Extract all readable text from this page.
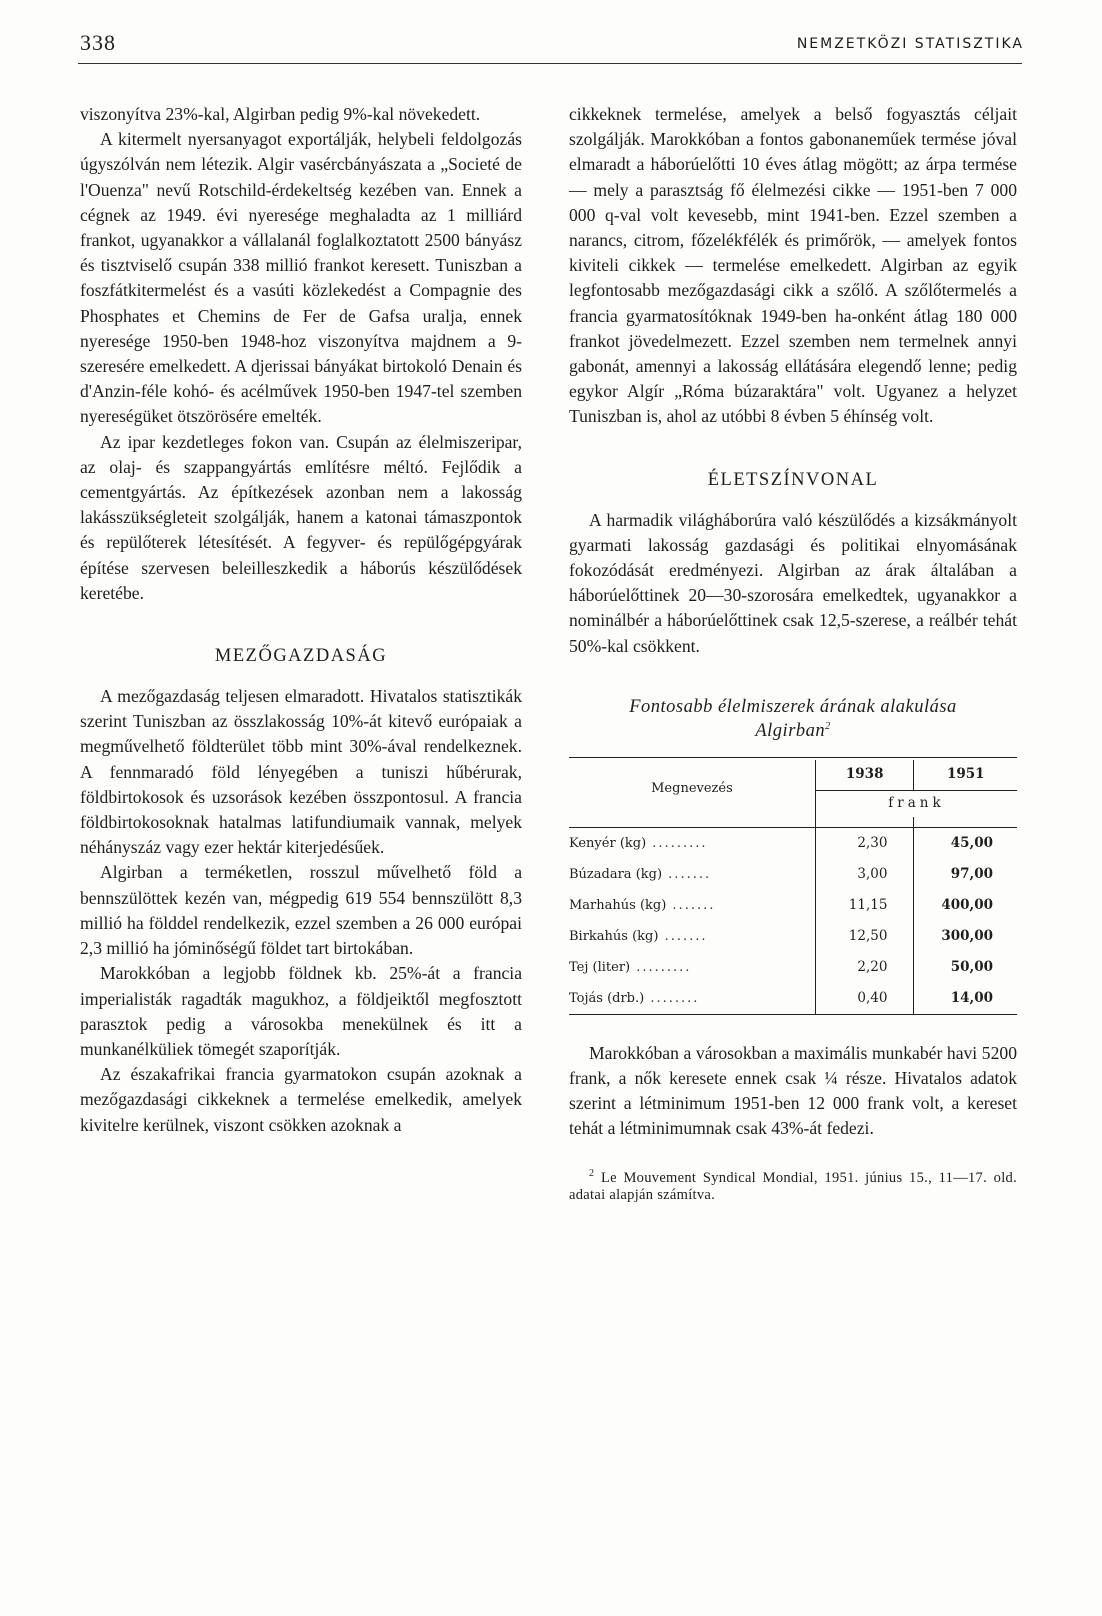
338	NEMZETKÖZI STATISZTIKA

viszonyítva 23%-kal, Algirban pedig 9%-kal növekedett.

A kitermelt nyersanyagot exportálják, helybeli feldolgozás úgyszólván nem létezik. Algir vasércbányászata a „Societé de l'Ouenza" nevű Rotschild-érdekeltség kezében van. Ennek a cégnek az 1949. évi nyeresége meghaladta az 1 milliárd frankot, ugyanakkor a vállalanál foglalkoztatott 2500 bányász és tisztviselő csupán 338 millió frankot keresett. Tuniszban a foszfátkitermelést és a vasúti közlekedést a Compagnie des Phosphates et Chemins de Fer de Gafsa uralja, ennek nyeresége 1950-ben 1948-hoz viszonyítva majdnem a 9-szeresére emelkedett. A djerissai bányákat birtokoló Denain és d'Anzin-féle kohó- és acélművek 1950-ben 1947-tel szemben nyereségüket ötszörösére emelték.

Az ipar kezdetleges fokon van. Csupán az élelmiszeripar, az olaj- és szappangyártás említésre méltó. Fejlődik a cementgyártás. Az építkezések azonban nem a lakosság lakásszükségleteit szolgálják, hanem a katonai támaszpontok és repülőterek létesítését. A fegyver- és repülőgépgyárak építése szervesen beleilleszkedik a háborús készülődések keretébe.

MEZŐGAZDASÁG

A mezőgazdaság teljesen elmaradott. Hivatalos statisztikák szerint Tuniszban az összlakosság 10%-át kitevő európaiak a megművelhető földterület több mint 30%-ával rendelkeznek. A fennmaradó föld lényegében a tuniszi hűbérurak, földbirtokosok és uzsorások kezében összpontosul. A francia földbirtokosoknak hatalmas latifundiumaik vannak, melyek néhányszáz vagy ezer hektár kiterjedésűek.

Algirban a terméketlen, rosszul művelhető föld a bennszülöttek kezén van, mégpedig 619 554 bennszülött 8,3 millió ha földdel rendelkezik, ezzel szemben a 26 000 európai 2,3 millió ha jóminőségű földet tart birtokában.

Marokkóban a legjobb földnek kb. 25%-át a francia imperialisták ragadták magukhoz, a földjeiktől megfosztott parasztok pedig a városokba menekülnek és itt a munkanélküliek tömegét szaporítják.

Az északafrikai francia gyarmatokon csupán azoknak a mezőgazdasági cikkeknek a termelése emelkedik, amelyek kivitelre kerülnek, viszont csökken azoknak a

cikkeknek termelése, amelyek a belső fogyasztás céljait szolgálják. Marokkóban a fontos gabonaneműek termése jóval elmaradt a háborúelőtti 10 éves átlag mögött; az árpa termése — mely a parasztság fő élelmezési cikke — 1951-ben 7 000 000 q-val volt kevesebb, mint 1941-ben. Ezzel szemben a narancs, citrom, főzelékfélék és primőrök, — amelyek fontos kiviteli cikkek — termelése emelkedett. Algirban az egyik legfontosabb mezőgazdasági cikk a szőlő. A szőlőtermelés a francia gyarmatosítóknak 1949-ben ha-onként átlag 180 000 frankot jövedelmezett. Ezzel szemben nem termelnek annyi gabonát, amennyi a lakosság ellátására elegendő lenne; pedig egykor Algír „Róma búzaraktára" volt. Ugyanez a helyzet Tuniszban is, ahol az utóbbi 8 évben 5 éhínség volt.

ÉLETSZÍNVONAL

A harmadik világháborúra való készülődés a kizsákmányolt gyarmati lakosság gazdasági és politikai elnyomásának fokozódását eredményezi. Algirban az árak általában a háborúelőttinek 20—30-szorosára emelkedtek, ugyanakkor a nominálbér a háborúelőttinek csak 12,5-szerese, a reálbér tehát 50%-kal csökkent.

Fontosabb élelmiszerek árának alakulása
Algirban$^2$

Megnevezés	1938	1951
	frank	

Kenyér (kg) .........	2,30	45,00
Búzadara (kg) .......	3,00	97,00
Marhahús (kg) .......	11,15	400,00
Birkahús (kg) .......	12,50	300,00
Tej (liter) .........	2,20	50,00
Tojás (drb.) ........	0,40	14,00

Marokkóban a városokban a maximális munkabér havi 5200 frank, a nők keresete ennek csak ¼ része. Hivatalos adatok szerint a létminimum 1951-ben 12 000 frank volt, a kereset tehát a létminimumnak csak 43%-át fedezi.

$^2$ Le Mouvement Syndical Mondial, 1951. június 15., 11—17. old. adatai alapján számítva.
